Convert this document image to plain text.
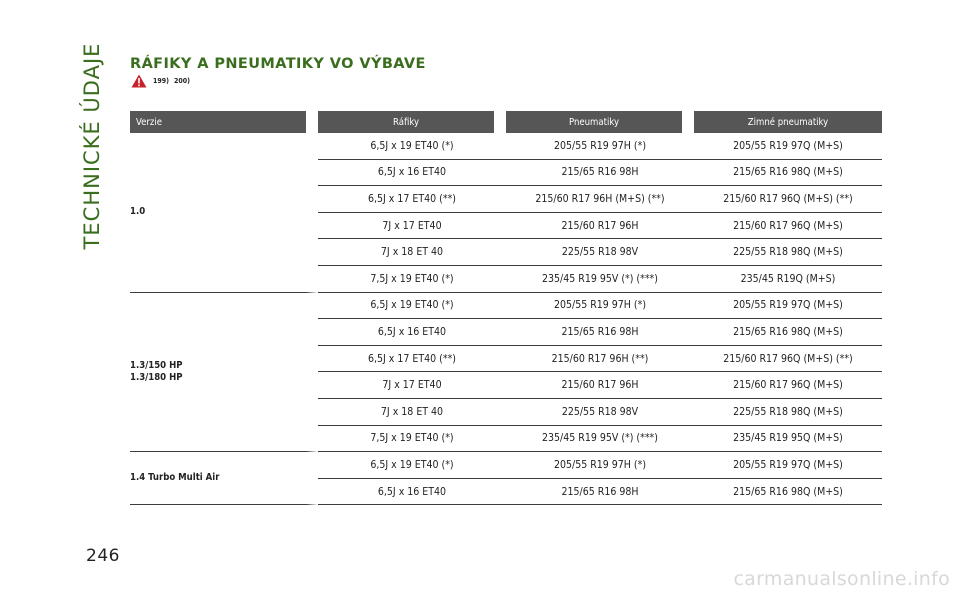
TECHNICKÉ ÚDAJE RÁFIKY A PNEUMATIKY VO VÝBAVE
199) 200)
Verzie	Ráfiky	Pneumatiky	Zimné pneumatiky

1.0	6,5J x 19 ET40 (*)	205/55 R19 97H (*)	205/55 R19 97Q (M+S)
	6,5J x 16 ET40	215/65 R16 98H	215/65 R16 98Q (M+S)
	6,5J x 17 ET40 (**)	215/60 R17 96H (M+S) (**)	215/60 R17 96Q (M+S) (**)
	7J x 17 ET40	215/60 R17 96H	215/60 R17 96Q (M+S)
	7J x 18 ET 40	225/55 R18 98V	225/55 R18 98Q (M+S)
	7,5J x 19 ET40 (*)	235/45 R19 95V (*) (***)	235/45 R19Q (M+S)

1.3/150 HP
1.3/180 HP	6,5J x 19 ET40 (*)	205/55 R19 97H (*)	205/55 R19 97Q (M+S)
	6,5J x 16 ET40	215/65 R16 98H	215/65 R16 98Q (M+S)
	6,5J x 17 ET40 (**)	215/60 R17 96H (**)	215/60 R17 96Q (M+S) (**)
	7J x 17 ET40	215/60 R17 96H	215/60 R17 96Q (M+S)
	7J x 18 ET 40	225/55 R18 98V	225/55 R18 98Q (M+S)
	7,5J x 19 ET40 (*)	235/45 R19 95V (*) (***)	235/45 R19 95Q (M+S)

1.4 Turbo Multi Air	6,5J x 19 ET40 (*)	205/55 R19 97H (*)	205/55 R19 97Q (M+S)
	6,5J x 16 ET40	215/65 R16 98H	215/65 R16 98Q (M+S)
246
carmanualsonline.info
